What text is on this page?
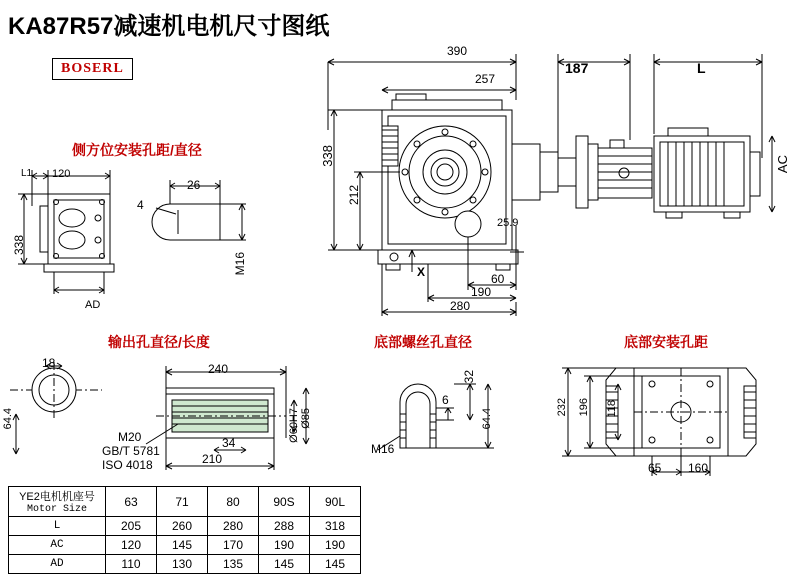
KA87R57减速机电机尺寸图纸
BOSERL
390
257
187	L
338
212
AC
25.9
X	60
190
280
侧方位安装孔距/直径
L1 120
338
AD
26
4
M16
输出孔直径/长度
18
64.4
240
210
34
M20
GB/T 5781
ISO 4018
Ø60H7 Ø85
底部螺丝孔直径
32
6
64.4
M16
底部安装孔距
232 196 118
65 160
YE2电机机座号
Motor Size	63	71	80	90S	90L
L	205	260	280	288	318
AC	120	145	170	190	190
AD	110	130	135	145	145
